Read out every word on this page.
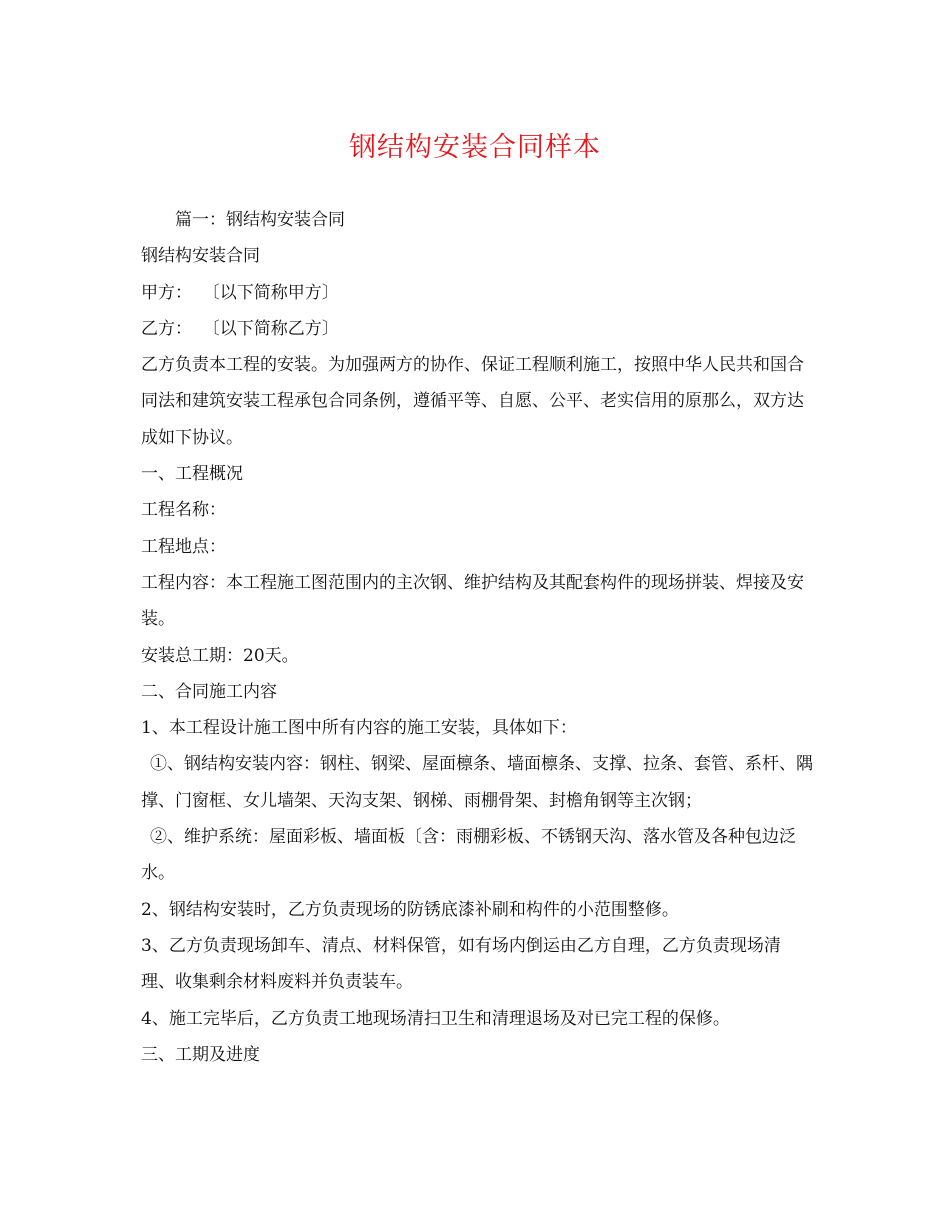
钢结构安装合同样本

篇一：钢结构安装合同

钢结构安装合同

甲方：  〔以下简称甲方〕

乙方：  〔以下简称乙方〕

乙方负责本工程的安装。为加强两方的协作、保证工程顺利施工，按照中华人民共和国合同法和建筑安装工程承包合同条例，遵循平等、自愿、公平、老实信用的原那么，双方达成如下协议。

一、工程概况

工程名称：

工程地点：

工程内容：本工程施工图范围内的主次钢、维护结构及其配套构件的现场拼装、焊接及安装。

安装总工期：20天。

二、合同施工内容

1、本工程设计施工图中所有内容的施工安装，具体如下：

①、钢结构安装内容：钢柱、钢梁、屋面檩条、墙面檩条、支撑、拉条、套管、系杆、隅撑、门窗框、女儿墙架、天沟支架、钢梯、雨棚骨架、封檐角钢等主次钢；

②、维护系统：屋面彩板、墙面板〔含：雨棚彩板、不锈钢天沟、落水管及各种包边泛水。

2、钢结构安装时，乙方负责现场的防锈底漆补刷和构件的小范围整修。

3、乙方负责现场卸车、清点、材料保管，如有场内倒运由乙方自理，乙方负责现场清理、收集剩余材料废料并负责装车。

4、施工完毕后，乙方负责工地现场清扫卫生和清理退场及对已完工程的保修。

三、工期及进度
